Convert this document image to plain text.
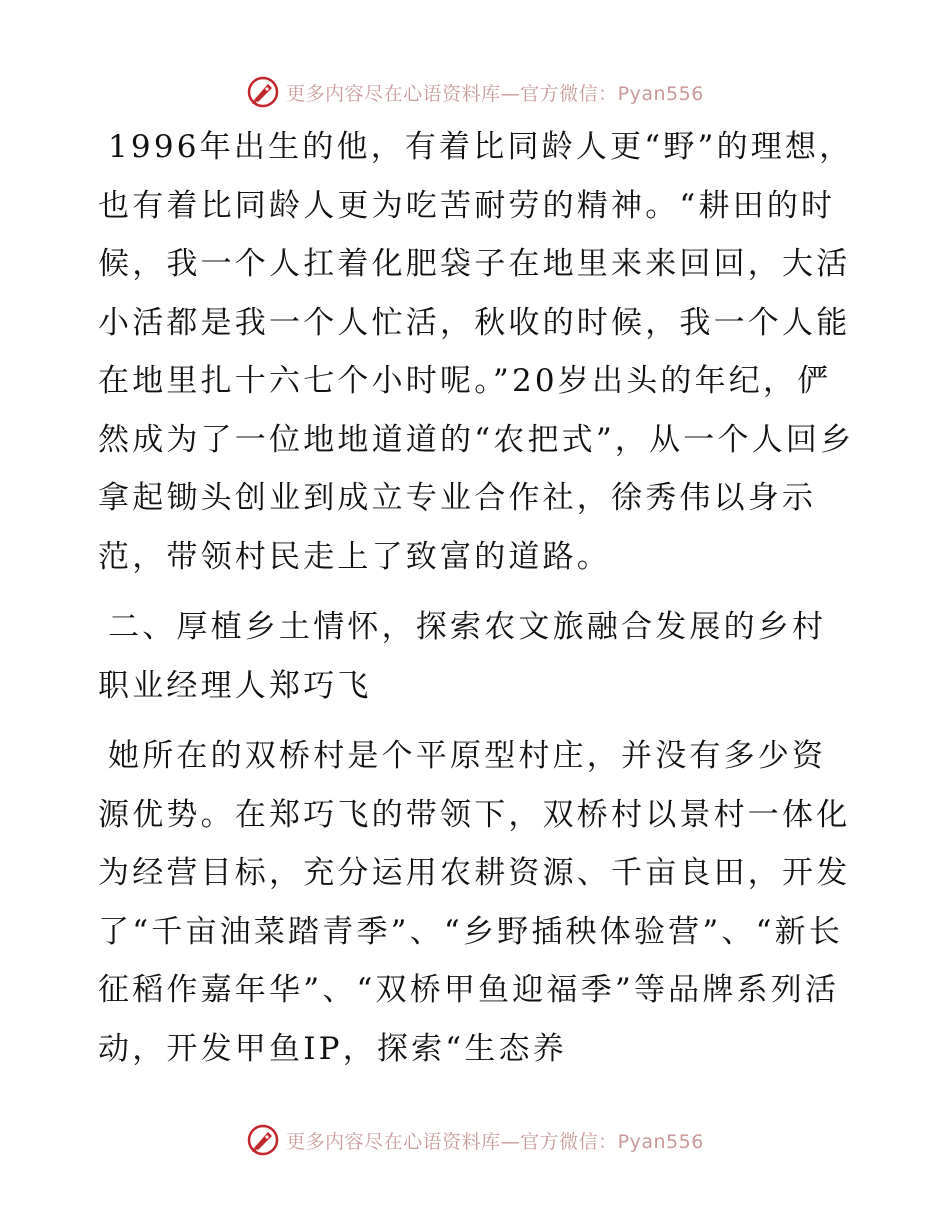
更多内容尽在心语资料库—官方微信：Pyan556

1996年出生的他，有着比同龄人更“野”的理想，也有着比同龄人更为吃苦耐劳的精神。“耕田的时候，我一个人扛着化肥袋子在地里来来回回，大活小活都是我一个人忙活，秋收的时候，我一个人能在地里扎十六七个小时呢。”20岁出头的年纪，俨然成为了一位地地道道的“农把式”，从一个人回乡拿起锄头创业到成立专业合作社，徐秀伟以身示范，带领村民走上了致富的道路。

二、厚植乡土情怀，探索农文旅融合发展的乡村职业经理人郑巧飞

她所在的双桥村是个平原型村庄，并没有多少资源优势。在郑巧飞的带领下，双桥村以景村一体化为经营目标，充分运用农耕资源、千亩良田，开发了“千亩油菜踏青季”、“乡野插秧体验营”、“新长征稻作嘉年华”、“双桥甲鱼迎福季”等品牌系列活动，开发甲鱼IP，探索“生态养

更多内容尽在心语资料库—官方微信：Pyan556
